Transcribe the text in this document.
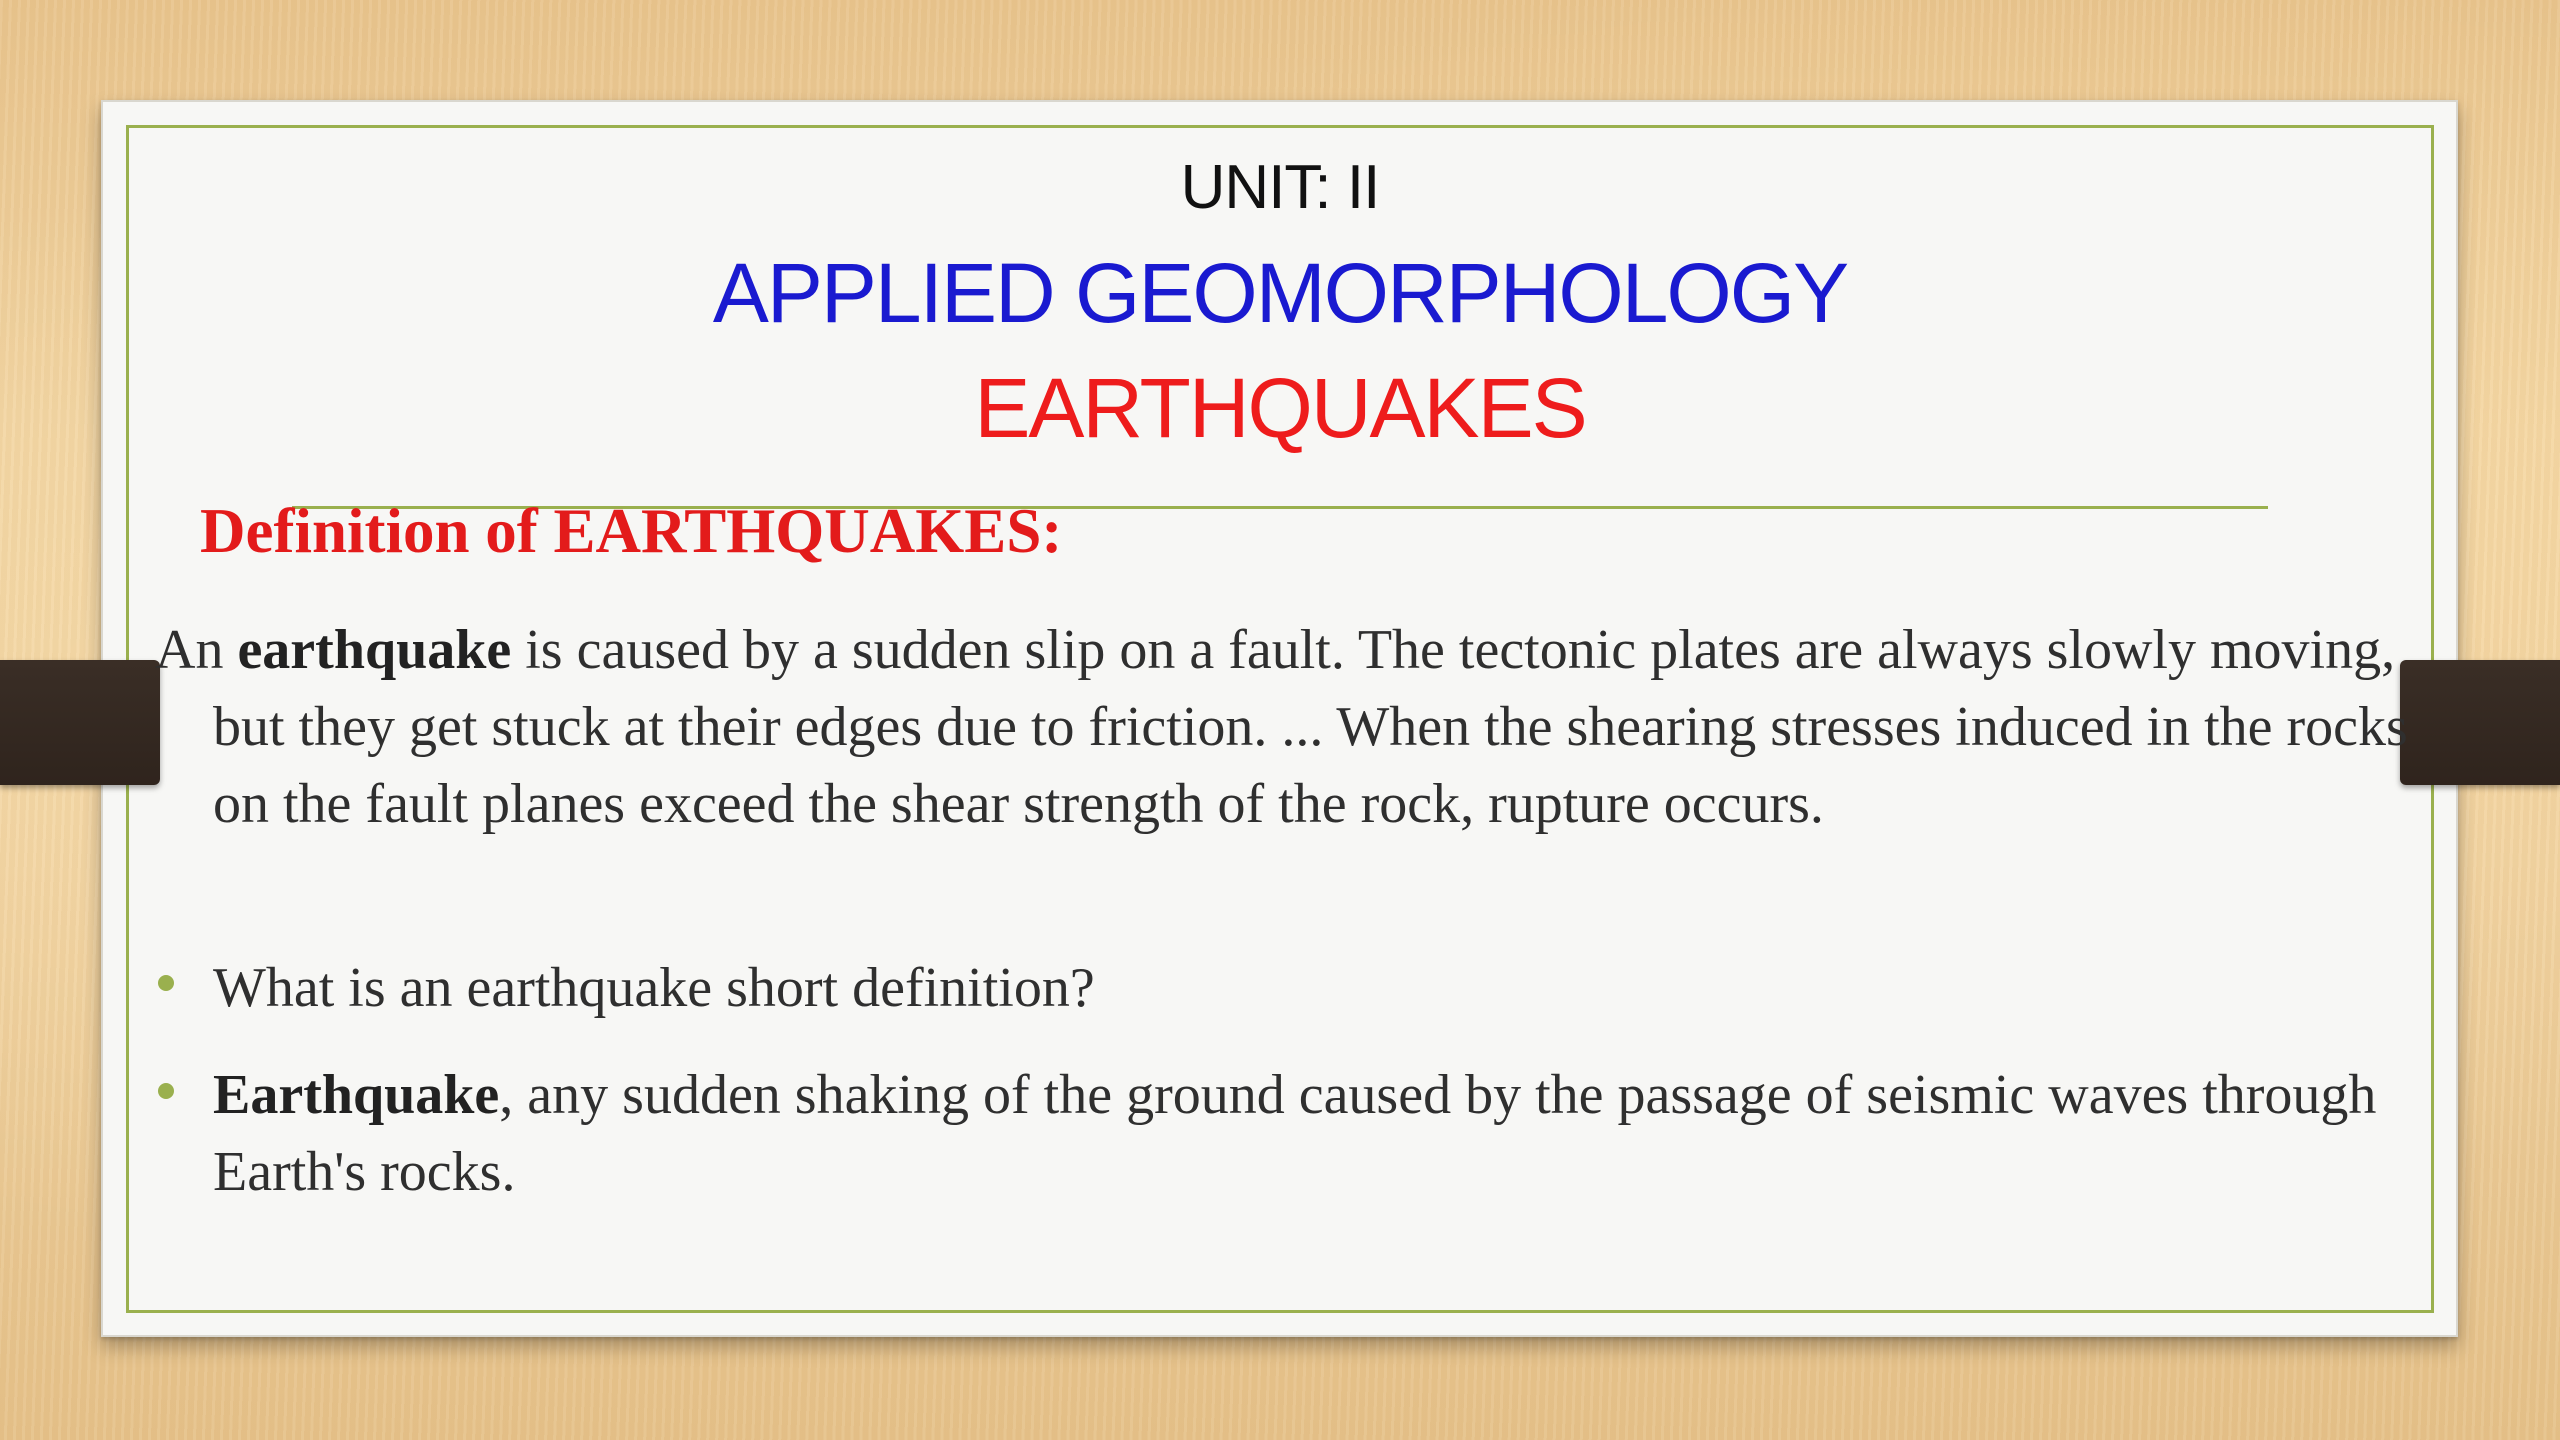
UNIT: II
APPLIED GEOMORPHOLOGY
EARTHQUAKES
Definition of EARTHQUAKES:
An earthquake is caused by a sudden slip on a fault. The tectonic plates are always slowly moving, but they get stuck at their edges due to friction. ... When the shearing stresses induced in the rocks on the fault planes exceed the shear strength of the rock, rupture occurs.
What is an earthquake short definition?
Earthquake, any sudden shaking of the ground caused by the passage of seismic waves through Earth's rocks.
